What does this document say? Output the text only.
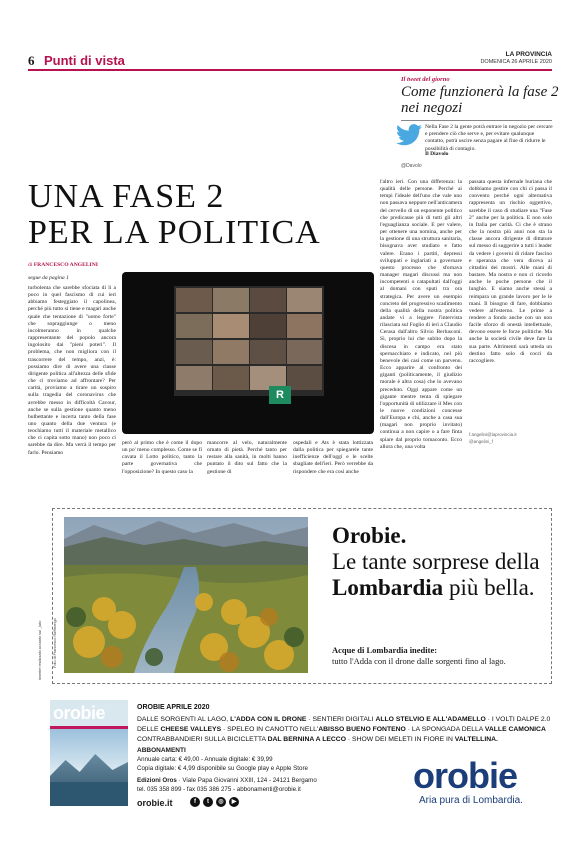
6 Punti di vista	LA PROVINCIA
DOMENICA 26 APRILE 2020
Il tweet del giorno
Come funzionerà la fase 2 nei negozi
Nella Fase 2 la gente potrà entrare in negozio per cercare e prendere ciò che serve e, per evitare qualunque contatto, potrà uscire senza pagare al fine di ridurre le possibilità di contagio.
Il Diavolo
@Davolo
UNA FASE 2
PER LA POLITICA
di FRANCESCO ANGELINI
segue da pagina 1
turbolenta che sarebbe sfociata di lì a poco in quel fascismo di cui ieri abbiamo festeggiato il capolinea, perché più tutto si tiene e magari anche quale che tentazione di "uomo forte" che sopraggiunge o meno incolmeranno in qualche rappresentante del popolo ancora ingolosito dai "pieni poteri". Il problema, che non migliora con il trascorrere del tempo, anzi, è: possiamo dire di avere una classe dirigente politica all'altezza delle sfide che ci troviamo ad affrontare? Per carità, proviamo a tirare un sospiro sulla tragedia del coronavirus che avrebbe messo in difficoltà Cavour, anche se sulla gestione quanto meno bulbettante e incerta tanto della fase uno quanto della due ventura (e teochiamo tutti il materiale metallico che ci capita sotto mano) non poco ci sarebbe da dire. Ma verrà il tempo per farlo. Pensiamo
però al primo che è come il dopo un po' meno complesso. Come se fi cavata il Lotto politico, tanto la parte governativa che l'opposizione? In questo caso la
mancorre al velo, naturalmente ornato di pietà. Perché tanto per restare alla sanità, in molti hanno puntato il dito sul fatto che la gestione di
ospedali e Ats è stata lottizzata dalla politica per spiegarele tante inefficienze dell'oggi e le scelte sbagliate dell'ieri. Però verrebbe da rispondere che era così anche
l'altro ieri. Con una differenza: la qualità delle persone. Perché ai tempi l'ideale dell'uno che vale uno non passava neppure nell'anticamera del cervello di un esponente politico che predicasse più di tutti gli altri l'eguaglianza sociale. E per valere, per ottenere una nomina, anche per la gestione di una struttura sanitaria, bisognava aver studiato e fatto valere. Erano i partiti, depressi sviluppati e inglariati a governare questo processo che sfornava manager magari discussi ma non incompetenti o catapultati dall'oggi al domani con sputi tra ora strategica. Per avere un esempio concreto del progressivo scadimento della qualità della nostra politica andate vi a leggere l'intervista rilasciata sul Foglio di ieri a Claudio Cerasa dall'altro Silvio Berlusconi. Sì, proprio lui che subito dopo la discesa in campo era stato spernacchiato e indicato, nel più benevole dei casi come un parvenu. Ecco apparire al confronto dei giganti (politicamente, il giudizio morale è altra cosa) che lo avevano preceduto. Oggi appare come un gigante mentre tenta di spiegare l'opportunità di utilizzare il Mes con le nuove condizioni concesse dall'Europa e chi, anche a casa sua (magari non proprio invitato) continua a non capire o a fare finta spiare dal proprio tornaconto. Ecco allora che, una volta
passata questa infernale buriana che dobbiamo gestire con chi ci passa il convento perché ogni alternativa rappresenta un rischio oggettivo, sarebbe il caso di studiare una "Fase 2" anche per la politica. E non solo in Italia per carità. Ci che è strano che la nostra più anni non sta la classe ancora dirigente di dittature sul messo di suggerire a tutti i leader da vedere i governi di ridare fascino e speranza che vera diceva ai cittadini dei mostri. Alle mani di bastare. Ma nostra e non ci ricordo anche le poche persone che il lunghio. E siamo anche stessi a reimpara un grande lavoro per le le mani. Il bisogno di fare, dobbiamo vedere all'esterno. Le prime a rendere a fondo anche con un non facile sforzo di onestà intellettuale, devono essere le forze politiche. Ma anche la società civile deve fare la sua parte. Altrimenti sarà utteda un destino fatto solo di cocci da raccogliere.
f.angelini@laprovincia.it
@angelini_f
R
Foto di Francesco Ruffinengo
inserire realizzato accanto sul _lato
Orobie.
Le tante sorprese della Lombardia più bella.
Acque di Lombardia inedite:
tutto l'Adda con il drone dalle sorgenti fino al lago.
orobie	OROBIE APRILE 2020
DALLE SORGENTI AL LAGO, L'ADDA CON IL DRONE · SENTIERI DIGITALI ALLO STELVIO E ALL'ADAMELLO · I VOLTI DALPE 2.0
DELLE CHEESE VALLEYS · SPELEO IN CANOTTO NELL'ABISSO BUENO FONTENO · LA SPONGADA DELLA VALLE CAMONICA
CONTRABBANDIERI SULLA BICICLETTA DAL BERNINA A LECCO · SHOW DEI MELETI IN FIORE IN VALTELLINA.
ABBONAMENTI
Annuale carta: € 49,00 - Annuale digitale: € 39,99
Copia digitale: € 4,99 disponibile su Google play e Apple Store
Edizioni Oros · Viale Papa Giovanni XXIII, 124 - 24121 Bergamo
tel. 035 358 899 - fax 035 386 275 - abbonamenti@orobie.it
orobie.it	f	t	◎	▶
orobie
Aria pura di Lombardia.
